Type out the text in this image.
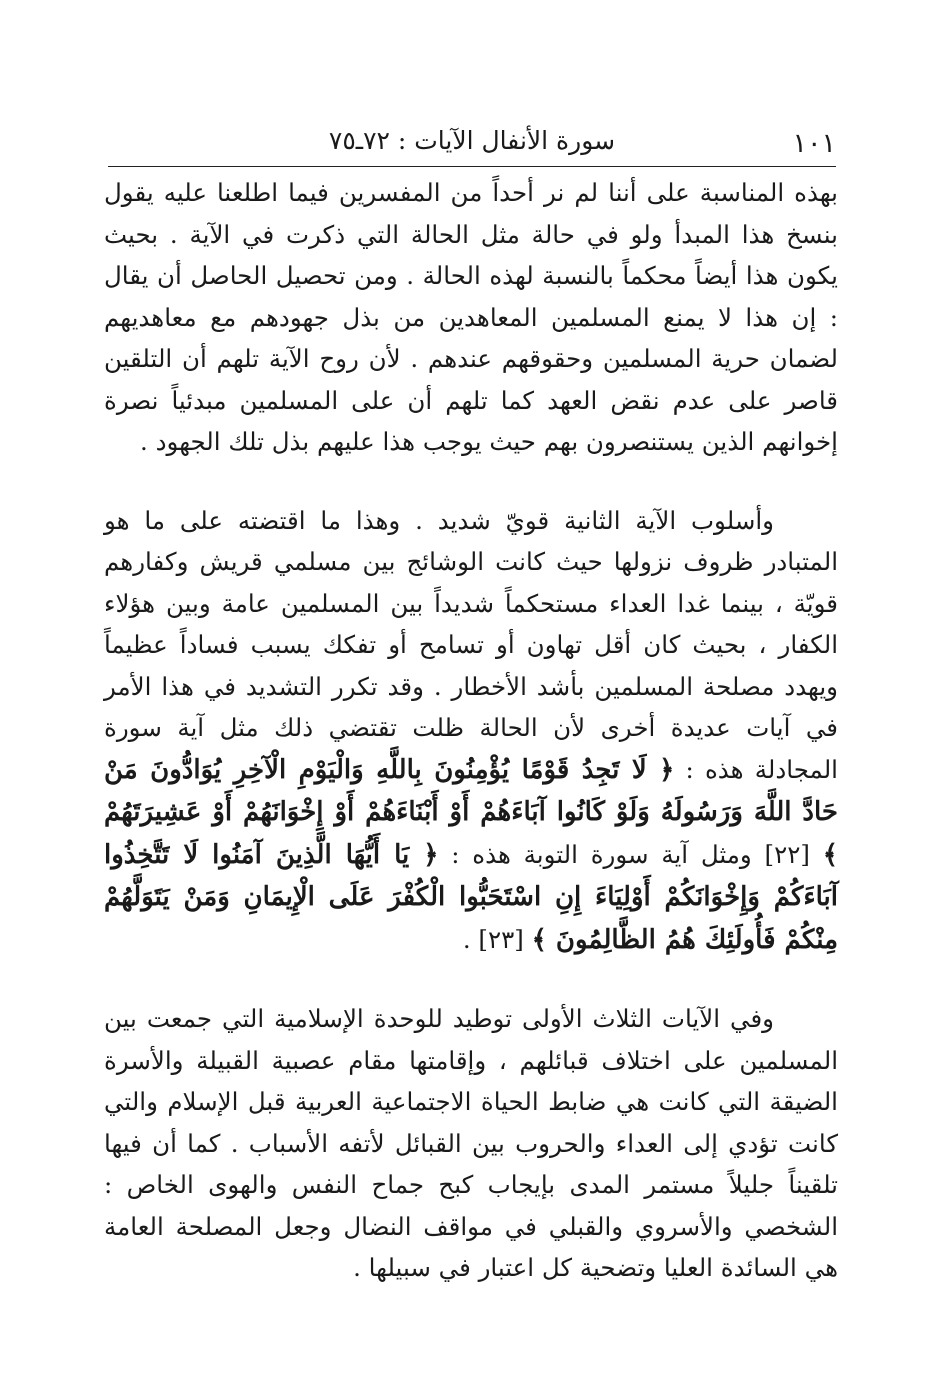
١٠١
سورة الأنفال الآيات : ٧٢ـ٧٥

بهذه المناسبة على أننا لم نر أحداً من المفسرين فيما اطلعنا عليه يقول بنسخ هذا المبدأ ولو في حالة مثل الحالة التي ذكرت في الآية . بحيث يكون هذا أيضاً محكماً بالنسبة لهذه الحالة . ومن تحصيل الحاصل أن يقال : إن هذا لا يمنع المسلمين المعاهدين من بذل جهودهم مع معاهديهم لضمان حرية المسلمين وحقوقهم عندهم . لأن روح الآية تلهم أن التلقين قاصر على عدم نقض العهد كما تلهم أن على المسلمين مبدئياً نصرة إخوانهم الذين يستنصرون بهم حيث يوجب هذا عليهم بذل تلك الجهود .

وأسلوب الآية الثانية قويّ شديد . وهذا ما اقتضته على ما هو المتبادر ظروف نزولها حيث كانت الوشائج بين مسلمي قريش وكفارهم قويّة ، بينما غدا العداء مستحكماً شديداً بين المسلمين عامة وبين هؤلاء الكفار ، بحيث كان أقل تهاون أو تسامح أو تفكك يسبب فساداً عظيماً ويهدد مصلحة المسلمين بأشد الأخطار . وقد تكرر التشديد في هذا الأمر في آيات عديدة أخرى لأن الحالة ظلت تقتضي ذلك مثل آية سورة المجادلة هذه : ﴿ لَا تَجِدُ قَوْمًا يُؤْمِنُونَ بِاللَّهِ وَالْيَوْمِ الْآخِرِ يُوَادُّونَ مَنْ حَادَّ اللَّهَ وَرَسُولَهُ وَلَوْ كَانُوا آبَاءَهُمْ أَوْ أَبْنَاءَهُمْ أَوْ إِخْوَانَهُمْ أَوْ عَشِيرَتَهُمْ ﴾ [٢٢] ومثل آية سورة التوبة هذه : ﴿ يَا أَيُّهَا الَّذِينَ آمَنُوا لَا تَتَّخِذُوا آبَاءَكُمْ وَإِخْوَانَكُمْ أَوْلِيَاءَ إِنِ اسْتَحَبُّوا الْكُفْرَ عَلَى الْإِيمَانِ وَمَنْ يَتَوَلَّهُمْ مِنْكُمْ فَأُولَئِكَ هُمُ الظَّالِمُونَ ﴾ [٢٣] .

وفي الآيات الثلاث الأولى توطيد للوحدة الإسلامية التي جمعت بين المسلمين على اختلاف قبائلهم ، وإقامتها مقام عصبية القبيلة والأسرة الضيقة التي كانت هي ضابط الحياة الاجتماعية العربية قبل الإسلام والتي كانت تؤدي إلى العداء والحروب بين القبائل لأتفه الأسباب . كما أن فيها تلقيناً جليلاً مستمر المدى بإيجاب كبح جماح النفس والهوى الخاص : الشخصي والأسروي والقبلي في مواقف النضال وجعل المصلحة العامة هي السائدة العليا وتضحية كل اعتبار في سبيلها .
